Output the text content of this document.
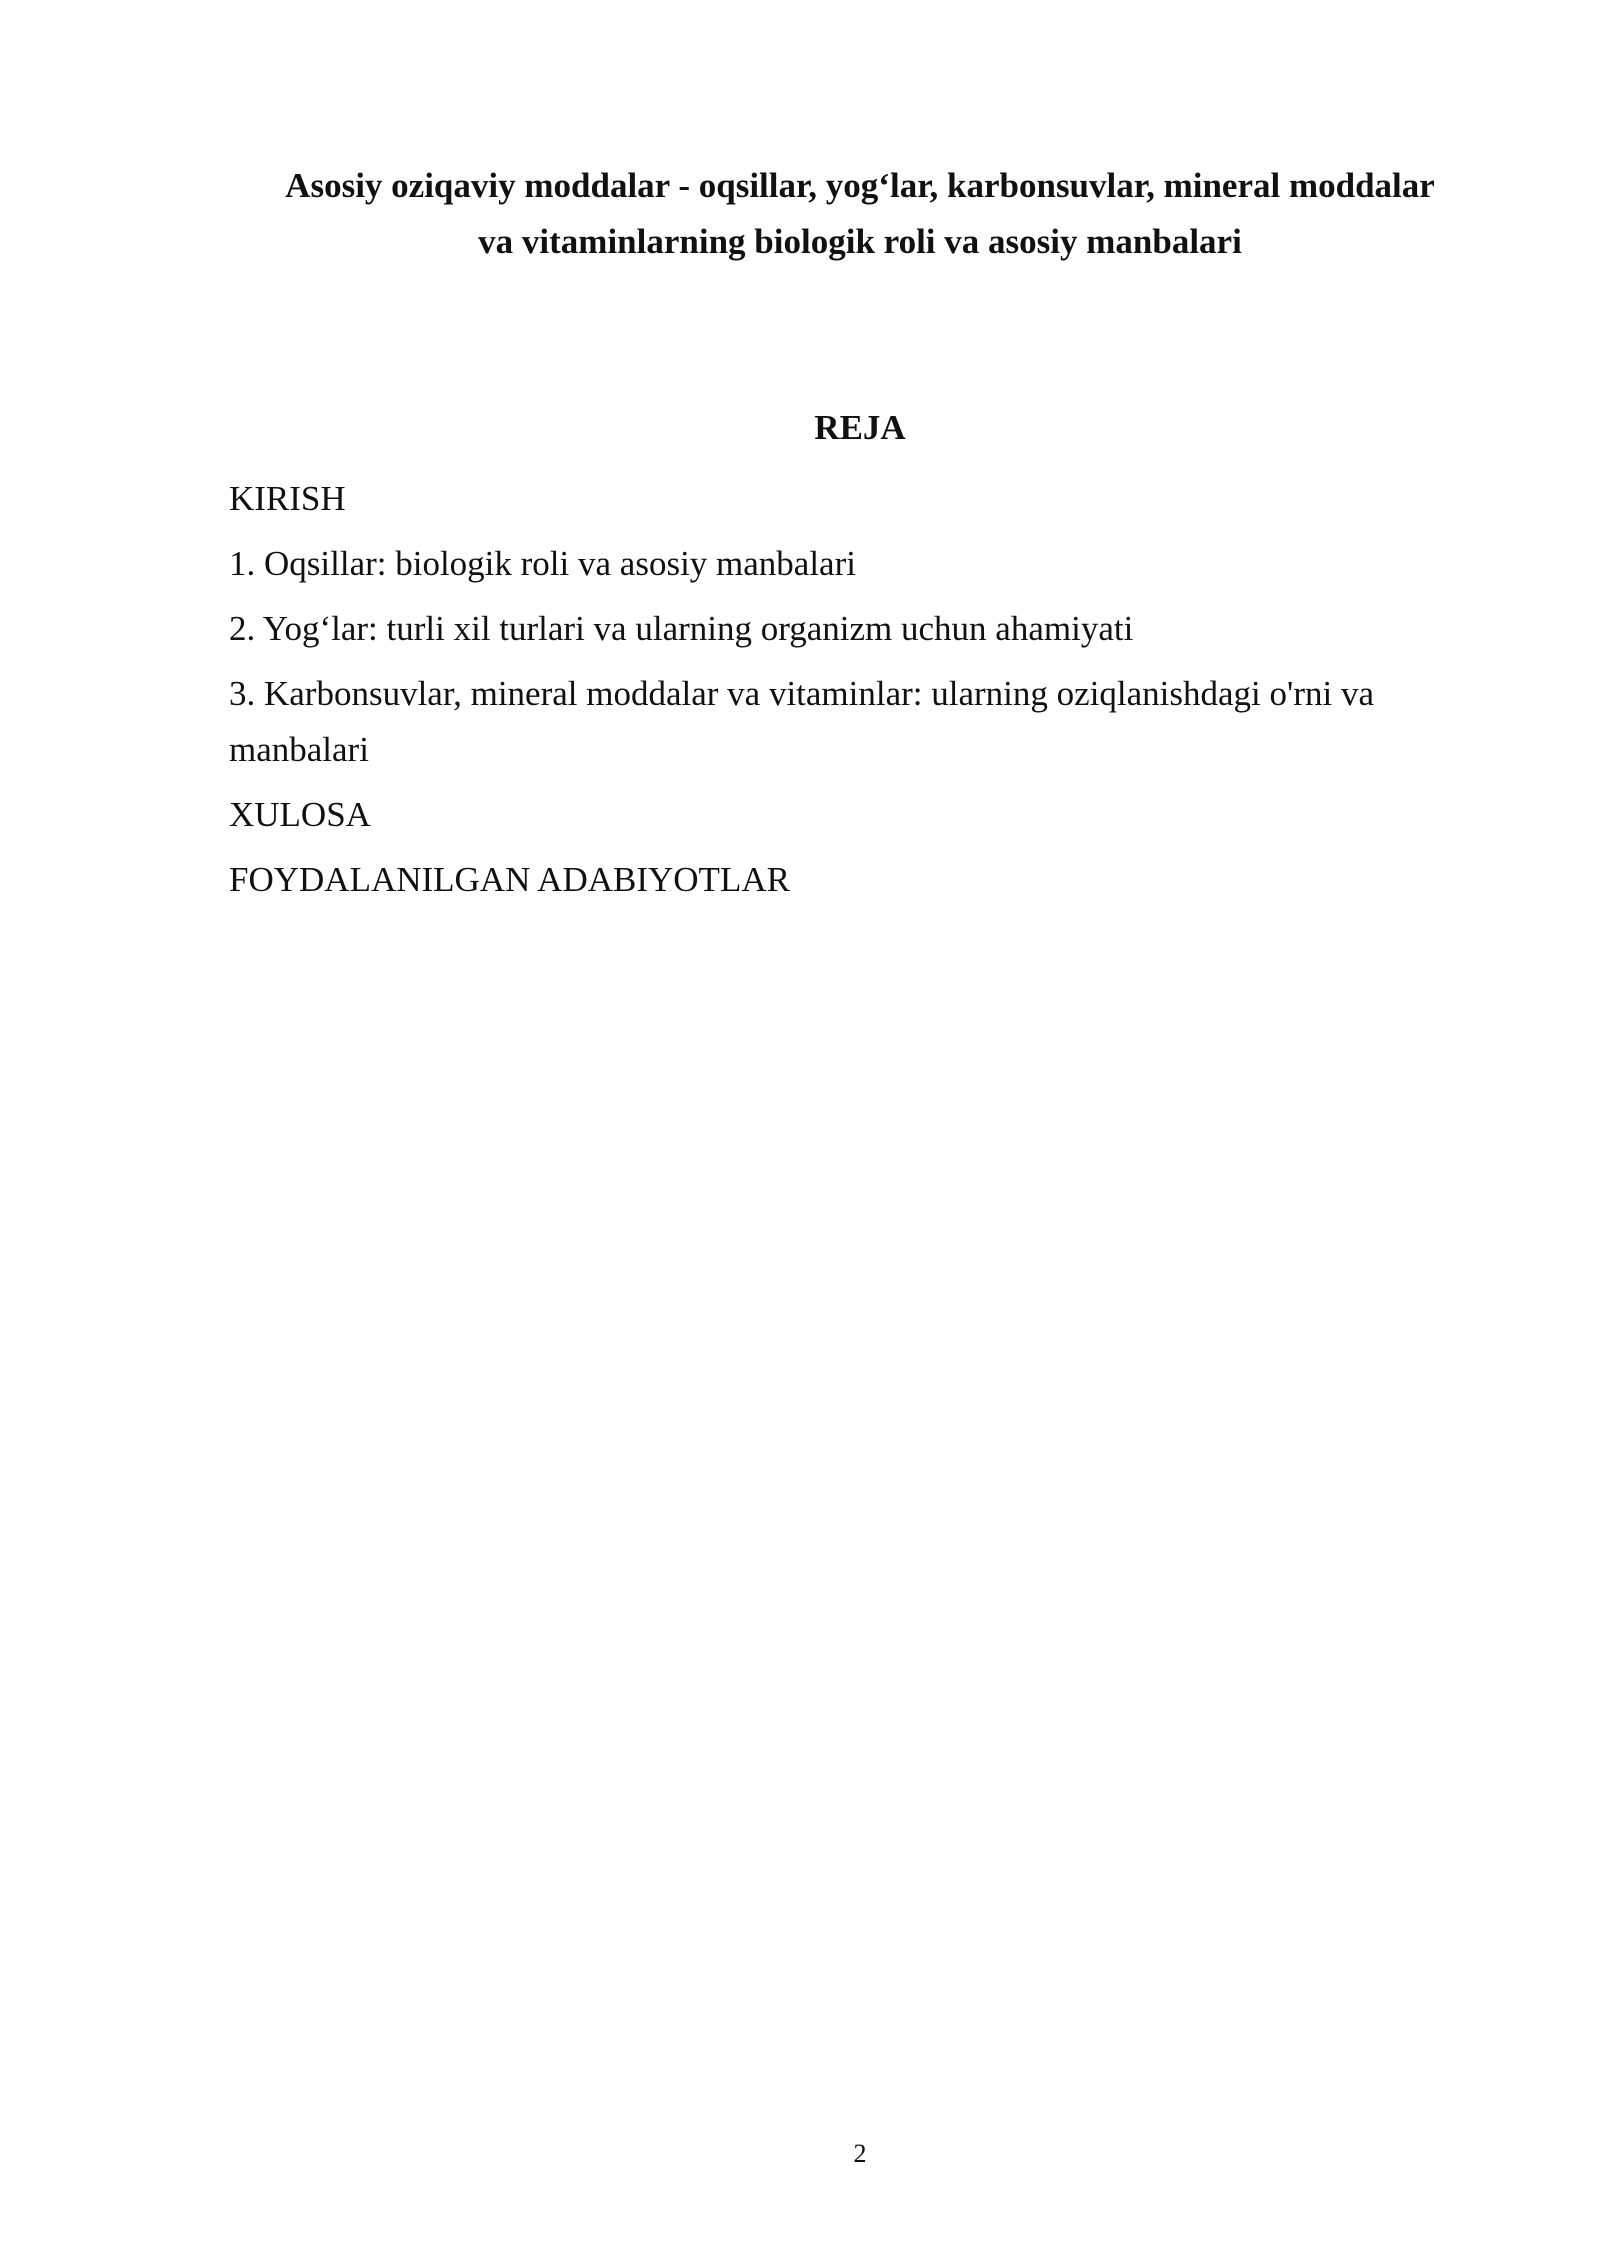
Asosiy oziqaviy moddalar - oqsillar, yog‘lar, karbonsuvlar, mineral moddalar
va vitaminlarning biologik roli va asosiy manbalari
REJA
KIRISH
1. Oqsillar: biologik roli va asosiy manbalari
2. Yog‘lar: turli xil turlari va ularning organizm uchun ahamiyati
3. Karbonsuvlar, mineral moddalar va vitaminlar: ularning oziqlanishdagi o'rni va manbalari
XULOSA
FOYDALANILGAN ADABIYOTLAR
2
